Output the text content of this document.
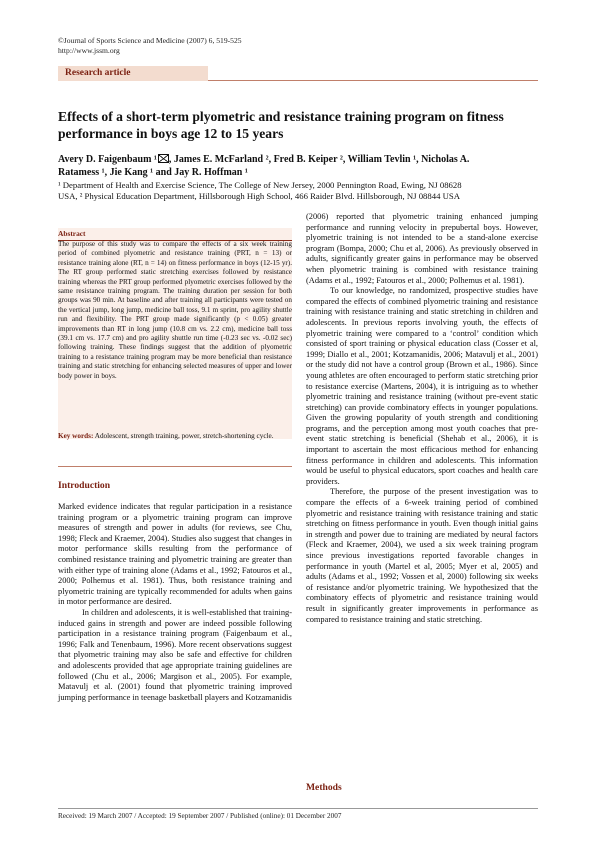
©Journal of Sports Science and Medicine (2007) 6, 519-525
http://www.jssm.org
Research article
Effects of a short-term plyometric and resistance training program on fitness performance in boys age 12 to 15 years
Avery D. Faigenbaum ¹ , James E. McFarland ², Fred B. Keiper ², William Tevlin ¹, Nicholas A.
Ratamess ¹, Jie Kang ¹ and Jay R. Hoffman ¹
¹ Department of Health and Exercise Science, The College of New Jersey, 2000 Pennington Road, Ewing, NJ 08628
USA, ² Physical Education Department, Hillsborough High School, 466 Raider Blvd. Hillsborough, NJ 08844 USA
Abstract
The purpose of this study was to compare the effects of a six week training period of combined plyometric and resistance training (PRT, n = 13) or resistance training alone (RT, n = 14) on fitness performance in boys (12-15 yr). The RT group performed static stretching exercises followed by resistance training whereas the PRT group performed plyometric exercises followed by the same resistance training program. The training duration per session for both groups was 90 min. At baseline and after training all participants were tested on the vertical jump, long jump, medicine ball toss, 9.1 m sprint, pro agility shuttle run and flexibility. The PRT group made significantly (p < 0.05) greater improvements than RT in long jump (10.8 cm vs. 2.2 cm), medicine ball toss (39.1 cm vs. 17.7 cm) and pro agility shuttle run time (-0.23 sec vs. -0.02 sec) following training. These findings suggest that the addition of plyometric training to a resistance training program may be more beneficial than resistance training and static stretching for enhancing selected measures of upper and lower body power in boys.
Key words: Adolescent, strength training, power, stretch-shortening cycle.
Introduction

Marked evidence indicates that regular participation in a resistance training program or a plyometric training program can improve measures of strength and power in adults (for reviews, see Chu, 1998; Fleck and Kraemer, 2004). Studies also suggest that changes in motor performance skills resulting from the performance of combined resistance training and plyometric training are greater than with either type of training alone (Adams et al., 1992; Fatouros et al., 2000; Polhemus et al. 1981). Thus, both resistance training and plyometric training are typically recommended for adults when gains in motor performance are desired.

In children and adolescents, it is well-established that training-induced gains in strength and power are indeed possible following participation in a resistance training program (Faigenbaum et al., 1996; Falk and Tenenbaum, 1996). More recent observations suggest that plyometric training may also be safe and effective for children and adolescents provided that age appropriate training guidelines are followed (Chu et al., 2006; Margison et al., 2005). For example, Matavulj et al. (2001) found that plyometric training improved jumping performance in teenage basketball players and Kotzamanidis

(2006) reported that plyometric training enhanced jumping performance and running velocity in prepubertal boys. However, plyometric training is not intended to be a stand-alone exercise program (Bompa, 2000; Chu et al, 2006). As previously observed in adults, significantly greater gains in performance may be observed when plyometric training is combined with resistance training (Adams et al., 1992; Fatouros et al., 2000; Polhemus et al. 1981).

To our knowledge, no randomized, prospective studies have compared the effects of combined plyometric training and resistance training with resistance training and static stretching in children and adolescents. In previous reports involving youth, the effects of plyometric training were compared to a ‘control’ condition which consisted of sport training or physical education class (Cosser et al, 1999; Diallo et al., 2001; Kotzamanidis, 2006; Matavulj et al., 2001) or the study did not have a control group (Brown et al., 1986). Since young athletes are often encouraged to perform static stretching prior to resistance exercise (Martens, 2004), it is intriguing as to whether plyometric training and resistance training (without pre-event static stretching) can provide combinatory effects in younger populations. Given the growing popularity of youth strength and conditioning programs, and the perception among most youth coaches that pre-event static stretching is beneficial (Shehab et al., 2006), it is important to ascertain the most efficacious method for enhancing fitness performance in children and adolescents. This information would be useful to physical educators, sport coaches and health care providers.

Therefore, the purpose of the present investigation was to compare the effects of a 6-week training period of combined plyometric and resistance training with resistance training and static stretching on fitness performance in youth. Even though initial gains in strength and power due to training are mediated by neural factors (Fleck and Kraemer, 2004), we used a six week training program since previous investigations reported favorable changes in performance in youth (Martel et al, 2005; Myer et al, 2005) and adults (Adams et al., 1992; Vossen et al, 2000) following six weeks of resistance and/or plyometric training. We hypothesized that the combinatory effects of plyometric and resistance training would result in significantly greater improvements in performance as compared to resistance training and static stretching.

Methods
Received: 19 March 2007 / Accepted: 19 September 2007 / Published (online): 01 December 2007
